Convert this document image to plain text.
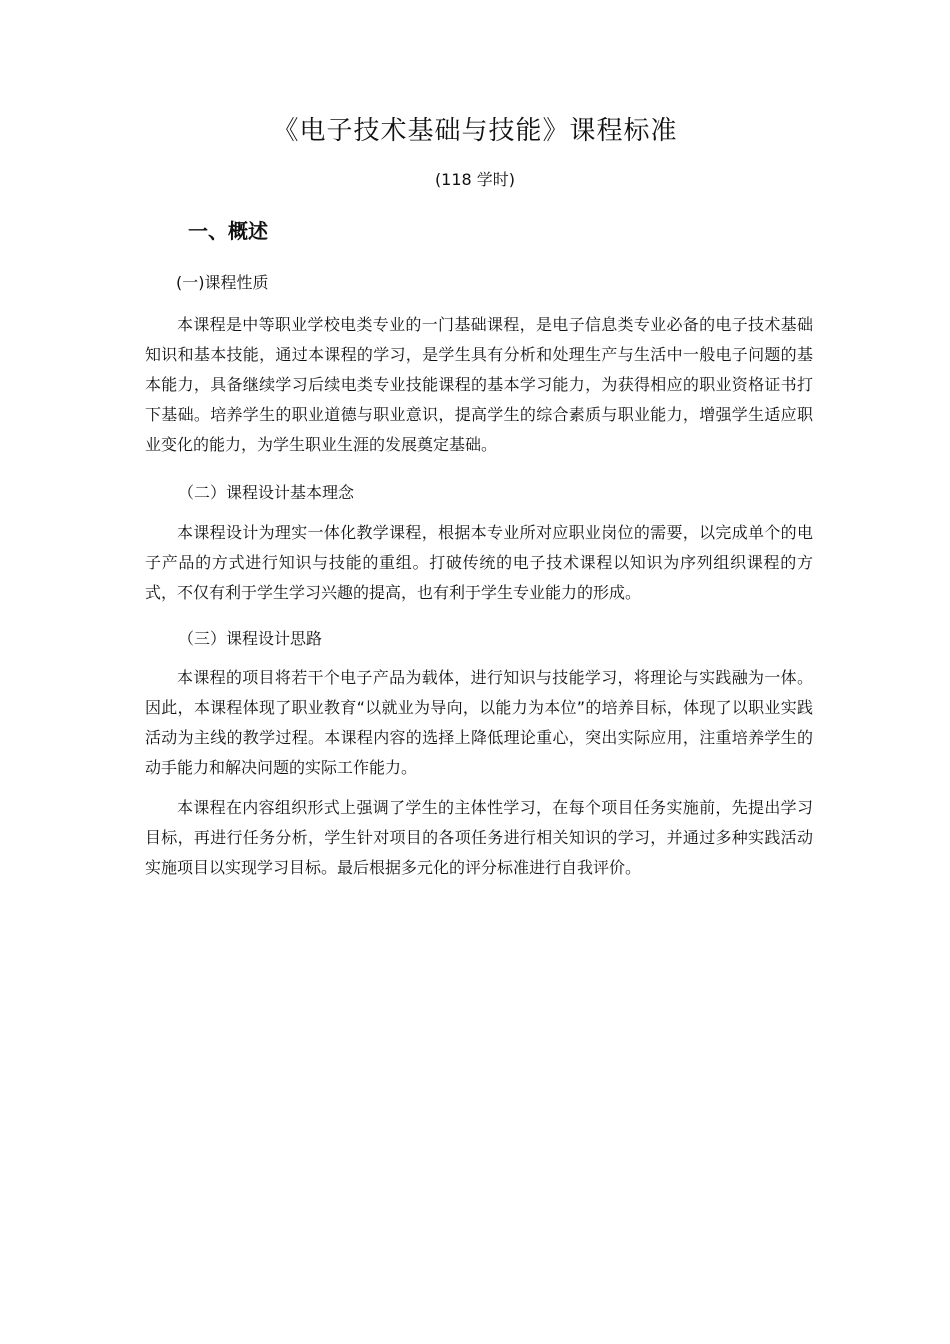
《电子技术基础与技能》课程标准
(118 学时)
一、概述
(一)课程性质
本课程是中等职业学校电类专业的一门基础课程，是电子信息类专业必备的电子技术基础知识和基本技能，通过本课程的学习，是学生具有分析和处理生产与生活中一般电子问题的基本能力，具备继续学习后续电类专业技能课程的基本学习能力，为获得相应的职业资格证书打下基础。培养学生的职业道德与职业意识，提高学生的综合素质与职业能力，增强学生适应职业变化的能力，为学生职业生涯的发展奠定基础。
（二）课程设计基本理念
本课程设计为理实一体化教学课程，根据本专业所对应职业岗位的需要，以完成单个的电子产品的方式进行知识与技能的重组。打破传统的电子技术课程以知识为序列组织课程的方式，不仅有利于学生学习兴趣的提高，也有利于学生专业能力的形成。
（三）课程设计思路
本课程的项目将若干个电子产品为载体，进行知识与技能学习，将理论与实践融为一体。因此，本课程体现了职业教育“以就业为导向，以能力为本位”的培养目标，体现了以职业实践活动为主线的教学过程。本课程内容的选择上降低理论重心，突出实际应用，注重培养学生的动手能力和解决问题的实际工作能力。
本课程在内容组织形式上强调了学生的主体性学习，在每个项目任务实施前，先提出学习目标，再进行任务分析，学生针对项目的各项任务进行相关知识的学习，并通过多种实践活动实施项目以实现学习目标。最后根据多元化的评分标准进行自我评价。
